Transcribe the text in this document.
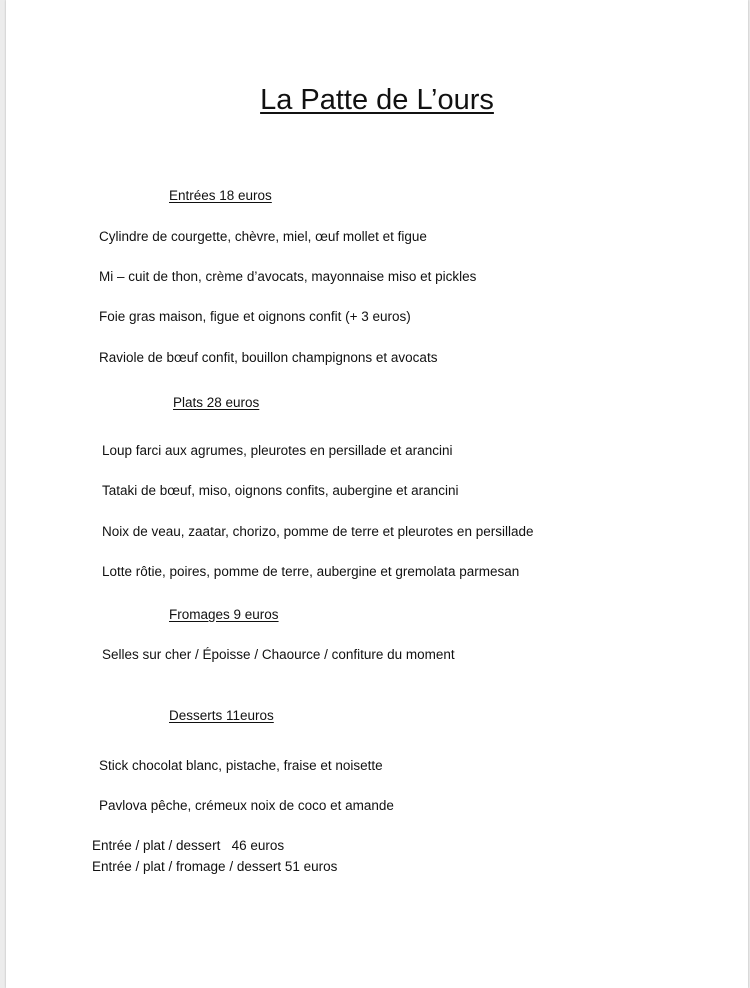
La Patte de L’ours
Entrées 18 euros
Cylindre de courgette, chèvre, miel, œuf mollet et figue
Mi – cuit de thon, crème d’avocats, mayonnaise miso et pickles
Foie gras maison, figue et oignons confit (+ 3 euros)
Raviole de bœuf confit, bouillon champignons et avocats
Plats 28 euros
Loup farci aux agrumes, pleurotes en persillade et arancini
Tataki de bœuf, miso, oignons confits, aubergine et arancini
Noix de veau, zaatar, chorizo, pomme de terre et pleurotes en persillade
Lotte rôtie, poires, pomme de terre, aubergine et gremolata parmesan
Fromages 9 euros
Selles sur cher / Époisse / Chaource / confiture du moment
Desserts 11euros
Stick chocolat blanc, pistache, fraise et noisette
Pavlova pêche, crémeux noix de coco et amande
Entrée / plat / dessert   46 euros
Entrée / plat / fromage / dessert 51 euros
